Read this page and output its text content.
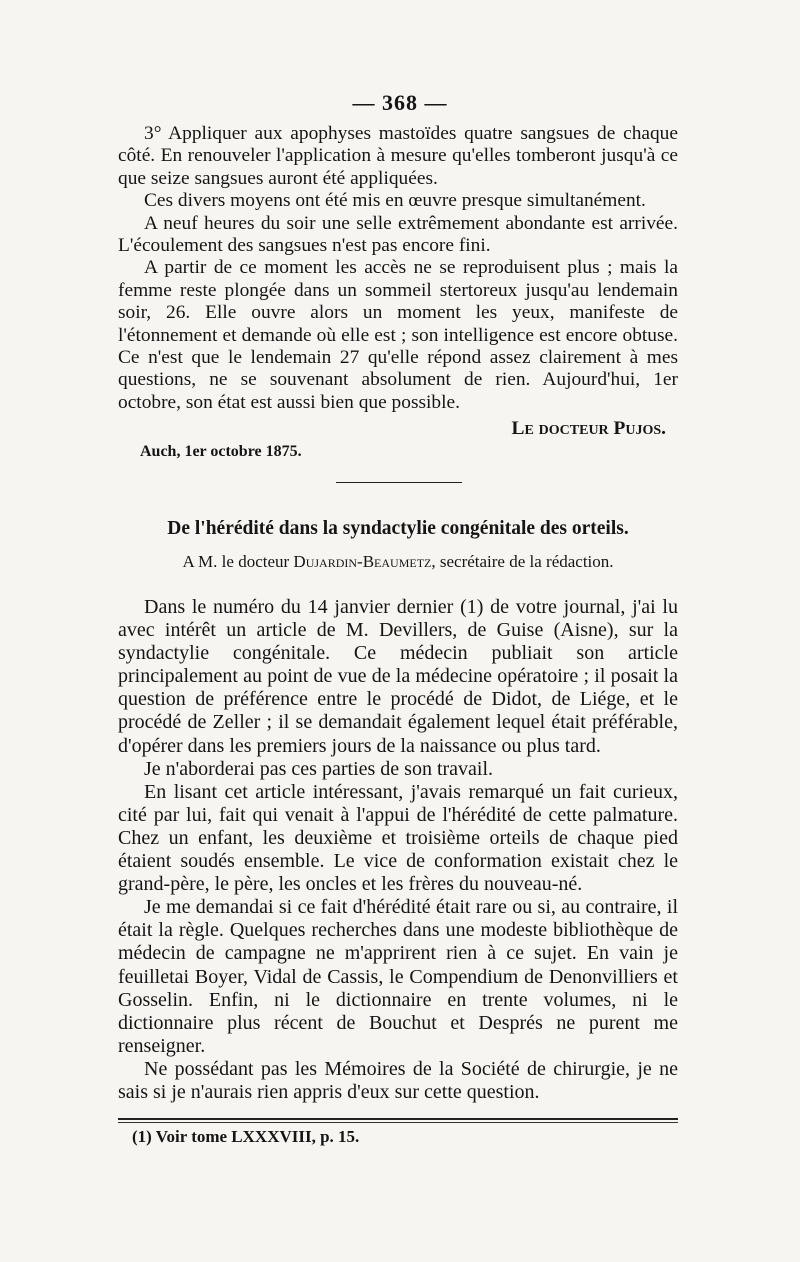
— 368 —

3° Appliquer aux apophyses mastoïdes quatre sangsues de chaque côté. En renouveler l'application à mesure qu'elles tomberont jusqu'à ce que seize sangsues auront été appliquées.

Ces divers moyens ont été mis en œuvre presque simultanément.

A neuf heures du soir une selle extrêmement abondante est arrivée. L'écoulement des sangsues n'est pas encore fini.

A partir de ce moment les accès ne se reproduisent plus ; mais la femme reste plongée dans un sommeil stertoreux jusqu'au lendemain soir, 26. Elle ouvre alors un moment les yeux, manifeste de l'étonnement et demande où elle est ; son intelligence est encore obtuse. Ce n'est que le lendemain 27 qu'elle répond assez clairement à mes questions, ne se souvenant absolument de rien. Aujourd'hui, 1er octobre, son état est aussi bien que possible.

Le docteur Pujos.
Auch, 1er octobre 1875.
De l'hérédité dans la syndactylie congénitale des orteils.
A M. le docteur Dujardin-Beaumetz, secrétaire de la rédaction.

Dans le numéro du 14 janvier dernier (1) de votre journal, j'ai lu avec intérêt un article de M. Devillers, de Guise (Aisne), sur la syndactylie congénitale. Ce médecin publiait son article principalement au point de vue de la médecine opératoire ; il posait la question de préférence entre le procédé de Didot, de Liége, et le procédé de Zeller ; il se demandait également lequel était préférable, d'opérer dans les premiers jours de la naissance ou plus tard.

Je n'aborderai pas ces parties de son travail.

En lisant cet article intéressant, j'avais remarqué un fait curieux, cité par lui, fait qui venait à l'appui de l'hérédité de cette palmature. Chez un enfant, les deuxième et troisième orteils de chaque pied étaient soudés ensemble. Le vice de conformation existait chez le grand-père, le père, les oncles et les frères du nouveau-né.

Je me demandai si ce fait d'hérédité était rare ou si, au contraire, il était la règle. Quelques recherches dans une modeste bibliothèque de médecin de campagne ne m'apprirent rien à ce sujet. En vain je feuilletai Boyer, Vidal de Cassis, le Compendium de Denonvilliers et Gosselin. Enfin, ni le dictionnaire en trente volumes, ni le dictionnaire plus récent de Bouchut et Després ne purent me renseigner.

Ne possédant pas les Mémoires de la Société de chirurgie, je ne sais si je n'aurais rien appris d'eux sur cette question.

(1) Voir tome LXXXVIII, p. 15.
